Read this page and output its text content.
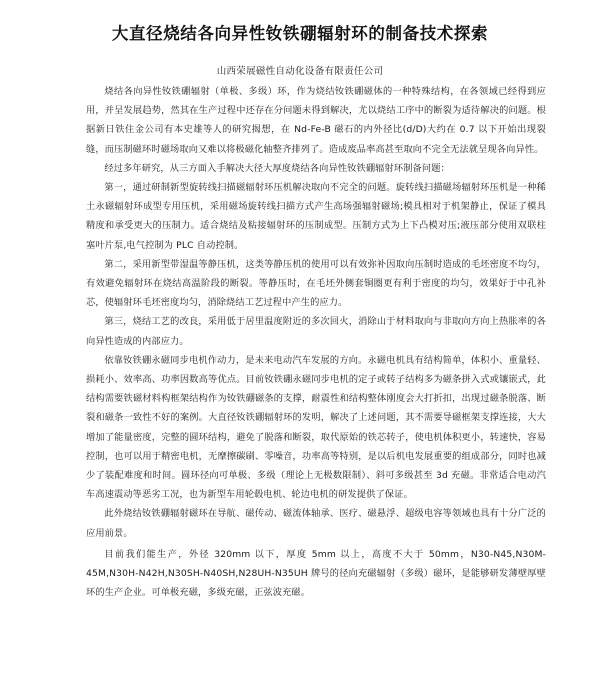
大直径烧结各向异性钕铁硼辐射环的制备技术探索
山西荣展磁性自动化设备有限责任公司

烧结各向异性钕铁硼辐射（单极、多级）环，作为烧结钕铁硼磁体的一种特殊结构，在各领域已经得到应用，并呈发展趋势，然其在生产过程中还存在分问题未得到解决，尤以烧结工序中的断裂为适待解决的问题。根据新日铁住金公司有本史雄等人的研究揭想，在 Nd-Fe-B 磁石的内外径比(d/D)大约在 0.7 以下开始出现裂缝，而压制磁环时磁场取向又难以将极磁化轴整齐排列了。造成废品率高甚至取向不完全无法就呈现各向异性。

经过多年研究，从三方面入手解决大径大厚度烧结各向异性钕铁硼辐射环制备问题：

第一，通过研制新型旋转线扫描磁辐射环压机解决取向不完全的问题。旋转线扫描磁场辐射环压机是一种稀土永磁辐射环成型专用压机，采用磁场旋转线扫描方式产生高场强辐射磁场;模具相对于机架静止，保证了模具精度和承受更大的压制力。适合烧结及粘接辐射环的压制成型。压制方式为上下凸模对压;液压部分使用双联柱塞叶片泵,电气控制为 PLC 自动控制。

第二，采用新型带湿温等静压机，这类等静压机的使用可以有效弥补因取向压制时造成的毛坯密度不均匀，有效避免辐射环在烧结高温阶段的断裂。等静压时，在毛坯外侧套铜圈更有利于密度的均匀，效果好于中孔补芯，使辐射环毛坯密度均匀，消除烧结工艺过程中产生的应力。

第三，烧结工艺的改良，采用低于居里温度附近的多次回火，消除山于材料取向与非取向方向上热胀率的各向异性造成的内部应力。

依靠钕铁硼永磁同步电机作动力，是未来电动汽车发展的方向。永磁电机具有结构简单，体积小、重量轻、损耗小、效率高、功率因数高等优点。目前钕铁硼永磁同步电机的定子或转子结构多为磁条拼入式或镶嵌式，此结构需要铁磁材料构框架结构作为钕铁硼磁条的支撑，耐震性和结构整体刚度会大打折扣，出现过磁条脱落、断裂和磁条一致性不好的案例。大直径钕铁硼辐射环的发明，解决了上述问题，其不需要导磁框架支撑连接，大大增加了能量密度，完整的圆环结构，避免了脱落和断裂，取代原始的铁芯转子，使电机体积更小，转速快，容易控制，也可以用于精密电机，无摩擦碳刷、零噪音，功率高等特别，是以后机电发展重要的组成部分，同时也减少了装配难度和时间。圆环径向可单极、多级（理论上无极数限制）、斜可多级甚至 3d 充磁。非常适合电动汽车高速震动等恶劣工况，也为新型车用轮毂电机、轮边电机的研发提供了保证。

此外烧结钕铁硼辐射磁环在导航、磁传动、磁流体轴承、医疗、磁悬浮、超级电容等领域也具有十分广泛的应用前景。

目前我们能生产，外径 320mm 以下，厚度 5mm 以上，高度不大于 50mm，N30-N45,N30M-45M,N30H-N42H,N30SH-N40SH,N28UH-N35UH 牌号的径向充磁辐射（多级）磁环，是能够研发薄壁厚壁环的生产企业。可单极充磁，多级充磁，正弦波充磁。
